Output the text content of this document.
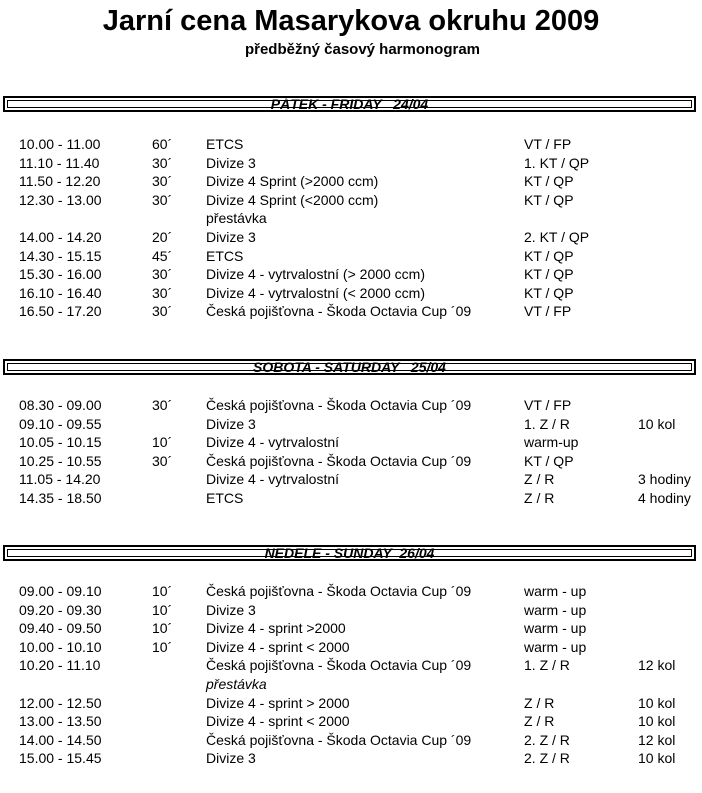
Jarní cena Masarykova okruhu 2009
předběžný časový harmonogram
PÁTEK - FRIDAY   24/04
10.00 - 11.00	60´ ETCS	VT / FP
11.10 - 11.40	30´ Divize 3	1. KT / QP
11.50 - 12.20	30´ Divize 4 Sprint (>2000 ccm)	KT / QP
12.30 - 13.00	30´ Divize 4 Sprint (<2000 ccm)	KT / QP
přestávka
14.00 - 14.20	20´ Divize 3	2. KT / QP
14.30 - 15.15	45´ ETCS	KT / QP
15.30 - 16.00	30´ Divize 4 - vytrvalostní (> 2000 ccm)	KT / QP
16.10 - 16.40	30´ Divize 4 - vytrvalostní (< 2000 ccm)	KT / QP
16.50 - 17.20	30´ Česká pojišťovna - Škoda Octavia Cup ´09	VT / FP
SOBOTA - SATURDAY   25/04
08.30 - 09.00	30´ Česká pojišťovna - Škoda Octavia Cup ´09	VT / FP
09.10 - 09.55	Divize 3	1. Z / R	10 kol
10.05 - 10.15	10´ Divize 4 - vytrvalostní	warm-up
10.25 - 10.55	30´ Česká pojišťovna - Škoda Octavia Cup ´09	KT / QP
11.05 - 14.20	Divize 4 - vytrvalostní	Z / R	3 hodiny
14.35 - 18.50	ETCS	Z / R	4 hodiny
NEDELE - SUNDAY  26/04
09.00 - 09.10	10´ Česká pojišťovna - Škoda Octavia Cup ´09	warm - up
09.20 - 09.30	10´ Divize 3	warm - up
09.40 - 09.50	10´ Divize 4 - sprint >2000	warm - up
10.00 - 10.10	10´ Divize 4 - sprint < 2000	warm - up
10.20 - 11.10	Česká pojišťovna - Škoda Octavia Cup ´09	1. Z / R	12 kol
přestávka
12.00 - 12.50	Divize 4 - sprint > 2000	Z / R	10 kol
13.00 - 13.50	Divize 4 - sprint < 2000	Z / R	10 kol
14.00 - 14.50	Česká pojišťovna - Škoda Octavia Cup ´09	2. Z / R	12 kol
15.00 - 15.45	Divize 3	2. Z / R	10 kol
